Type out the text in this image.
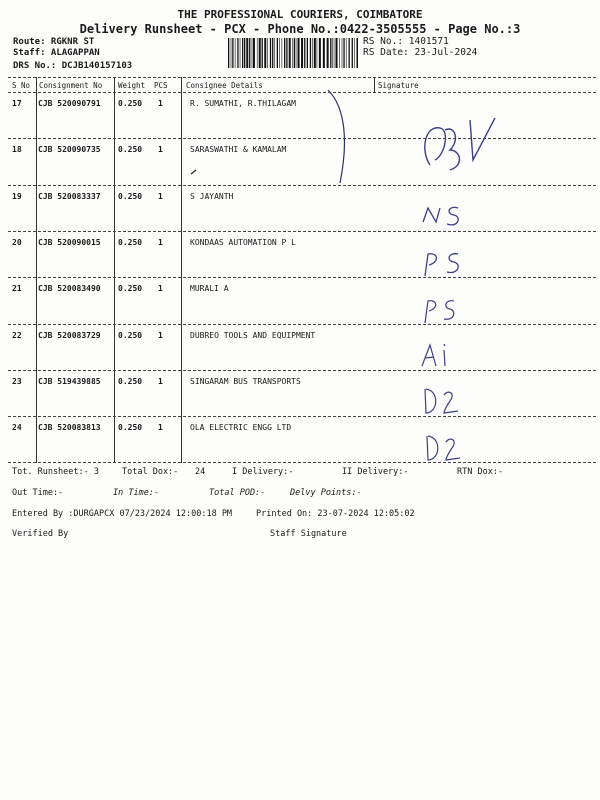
THE PROFESSIONAL COURIERS, COIMBATORE
Delivery Runsheet - PCX - Phone No.:0422-3505555 - Page No.:3
Route: RGKNR ST
Staff: ALAGAPPAN
DRS No.: DCJB140157103
RS No.: 1401571
RS Date: 23-Jul-2024
S No Consignment No Weight PCS Consignee Details	Signature
17 CJB 520090791 0.250 1	R. SUMATHI, R.THILAGAM
18 CJB 520090735 0.250 1	SARASWATHI & KAMALAM
19 CJB 520083337 0.250 1	S JAYANTH
20 CJB 520090015 0.250 1	KONDAAS AUTOMATION P L
21 CJB 520083490 0.250 1	MURALI A
22 CJB 520083729 0.250 1	DUBREO TOOLS AND EQUIPMENT
23 CJB 519439885 0.250 1	SINGARAM BUS TRANSPORTS
24 CJB 520083813 0.250 1	OLA ELECTRIC ENGG LTD
Tot. Runsheet:- 3	Total Dox:- 24	I Delivery:-	II Delivery:-	RTN Dox:-
Out Time:-	In Time:-	Total POD:-	Delvy Points:-
Entered By :DURGAPCX 07/23/2024 12:00:18 PM	Printed On: 23-07-2024 12:05:02
Verified By	Staff Signature
